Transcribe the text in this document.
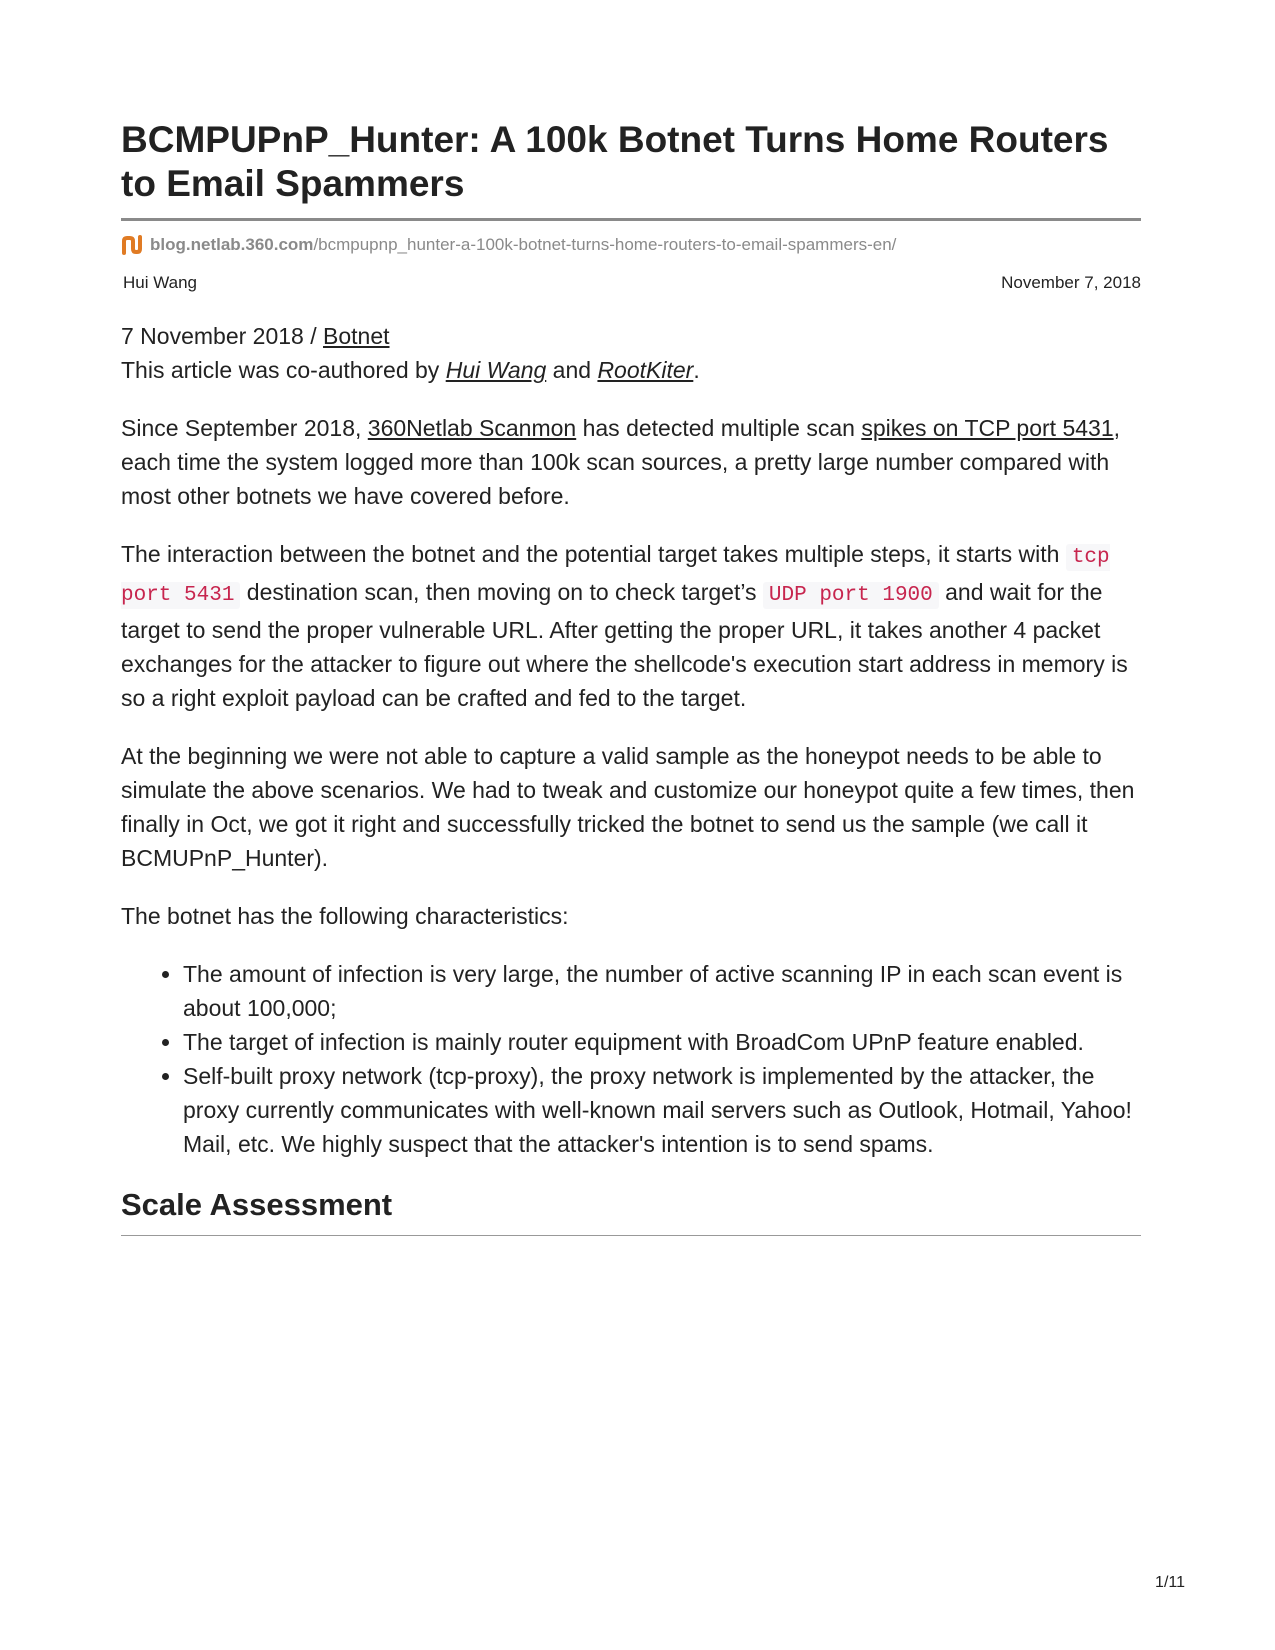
BCMPUPnP_Hunter: A 100k Botnet Turns Home Routers to Email Spammers
blog.netlab.360.com /bcmpupnp_hunter-a-100k-botnet-turns-home-routers-to-email-spammers-en/
Hui Wang	November 7, 2018

7 November 2018 / Botnet

This article was co-authored by Hui Wang and RootKiter.

Since September 2018, 360Netlab Scanmon has detected multiple scan spikes on TCP port 5431, each time the system logged more than 100k scan sources, a pretty large number compared with most other botnets we have covered before.

The interaction between the botnet and the potential target takes multiple steps, it starts with tcp port 5431 destination scan, then moving on to check target’s UDP port 1900 and wait for the target to send the proper vulnerable URL. After getting the proper URL, it takes another 4 packet exchanges for the attacker to figure out where the shellcode's execution start address in memory is so a right exploit payload can be crafted and fed to the target.

At the beginning we were not able to capture a valid sample as the honeypot needs to be able to simulate the above scenarios. We had to tweak and customize our honeypot quite a few times, then finally in Oct, we got it right and successfully tricked the botnet to send us the sample (we call it BCMUPnP_Hunter).

The botnet has the following characteristics:

• The amount of infection is very large, the number of active scanning IP in each scan event is about 100,000;
• The target of infection is mainly router equipment with BroadCom UPnP feature enabled.
• Self-built proxy network (tcp-proxy), the proxy network is implemented by the attacker, the proxy currently communicates with well-known mail servers such as Outlook, Hotmail, Yahoo! Mail, etc. We highly suspect that the attacker's intention is to send spams.
Scale Assessment
1/11
